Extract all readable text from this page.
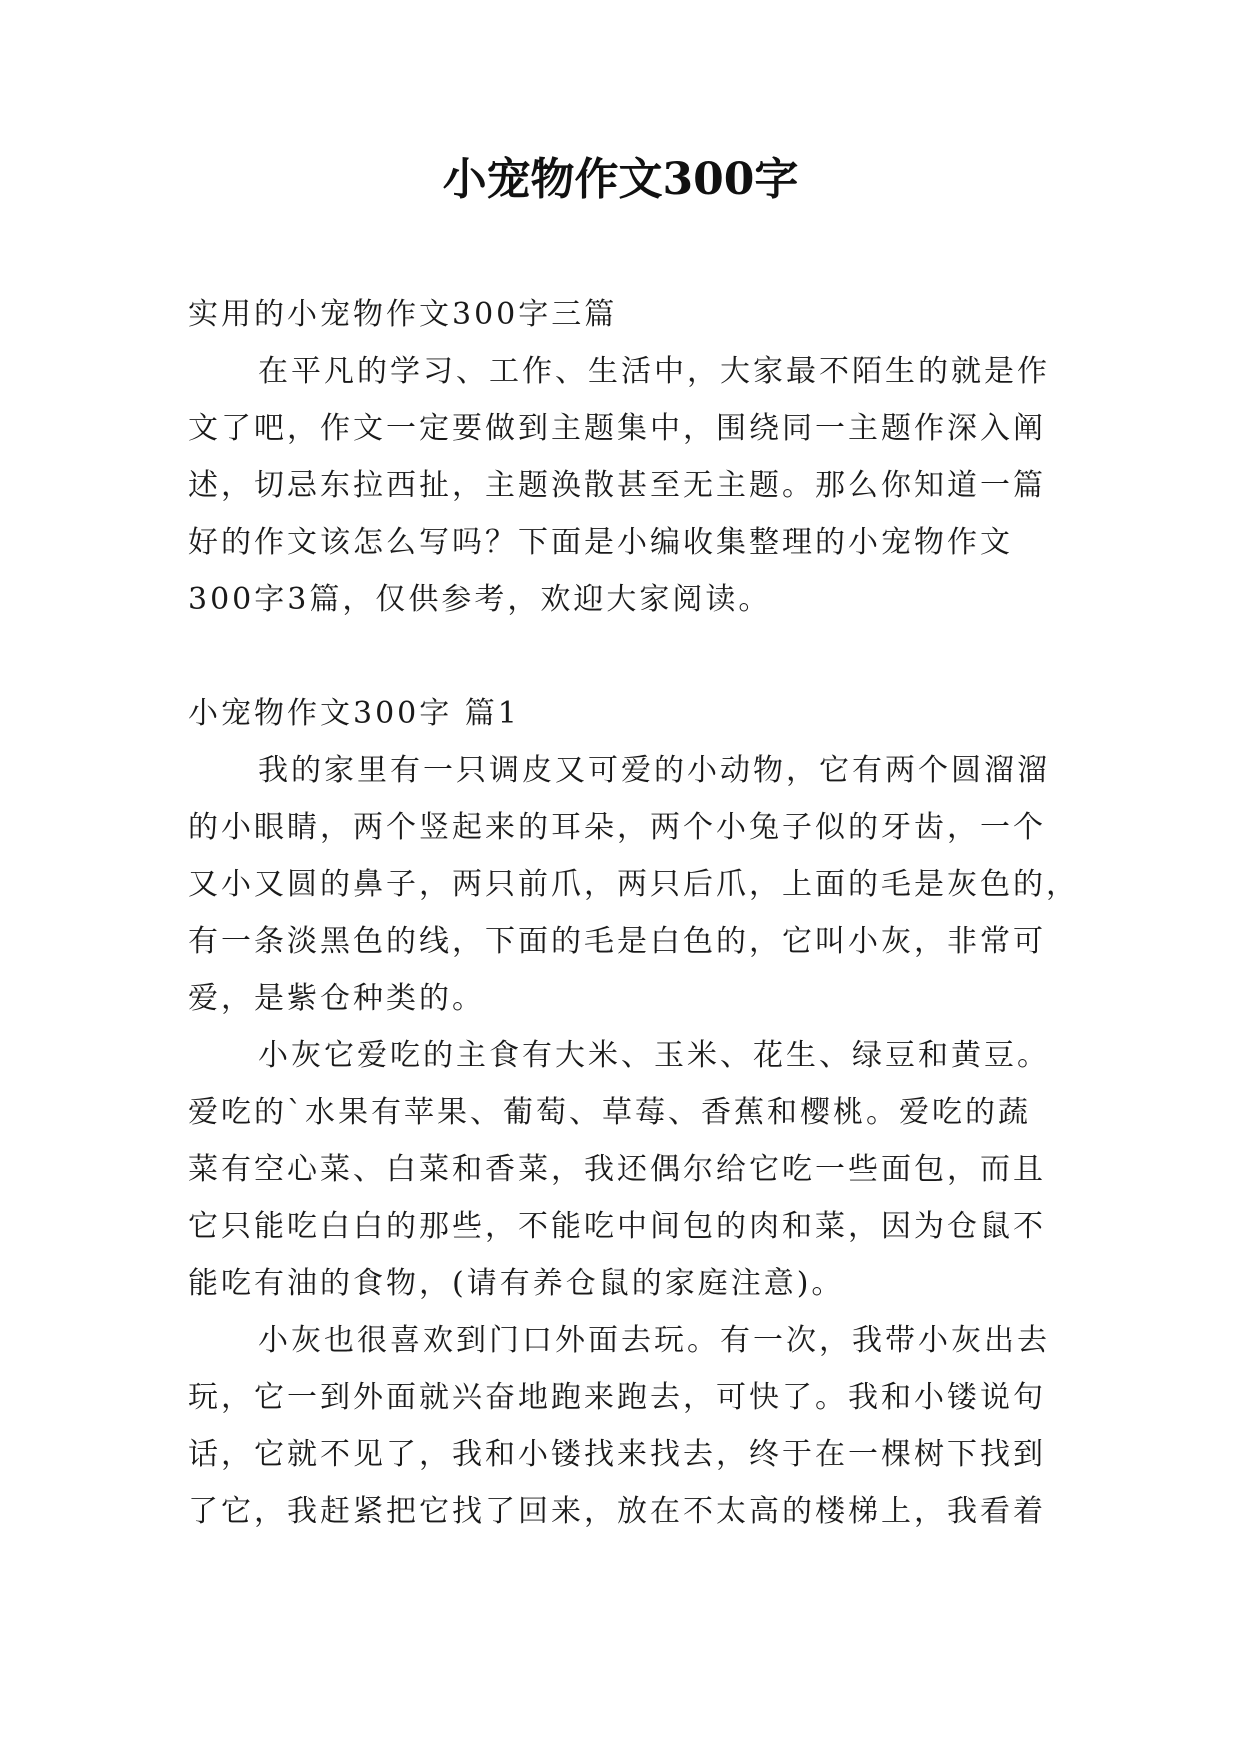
小宠物作文300字

实用的小宠物作文300字三篇

在平凡的学习、工作、生活中，大家最不陌生的就是作

文了吧，作文一定要做到主题集中，围绕同一主题作深入阐

述，切忌东拉西扯，主题涣散甚至无主题。那么你知道一篇

好的作文该怎么写吗？下面是小编收集整理的小宠物作文

300字3篇，仅供参考，欢迎大家阅读。

小宠物作文300字 篇1

我的家里有一只调皮又可爱的小动物，它有两个圆溜溜

的小眼睛，两个竖起来的耳朵，两个小兔子似的牙齿，一个

又小又圆的鼻子，两只前爪，两只后爪，上面的毛是灰色的，

有一条淡黑色的线，下面的毛是白色的，它叫小灰，非常可

爱，是紫仓种类的。

小灰它爱吃的主食有大米、玉米、花生、绿豆和黄豆。

爱吃的`水果有苹果、葡萄、草莓、香蕉和樱桃。爱吃的蔬

菜有空心菜、白菜和香菜，我还偶尔给它吃一些面包，而且

它只能吃白白的那些，不能吃中间包的肉和菜，因为仓鼠不

能吃有油的食物，(请有养仓鼠的家庭注意)。

小灰也很喜欢到门口外面去玩。有一次，我带小灰出去

玩，它一到外面就兴奋地跑来跑去，可快了。我和小镂说句

话，它就不见了，我和小镂找来找去，终于在一棵树下找到

了它，我赶紧把它找了回来，放在不太高的楼梯上，我看着
